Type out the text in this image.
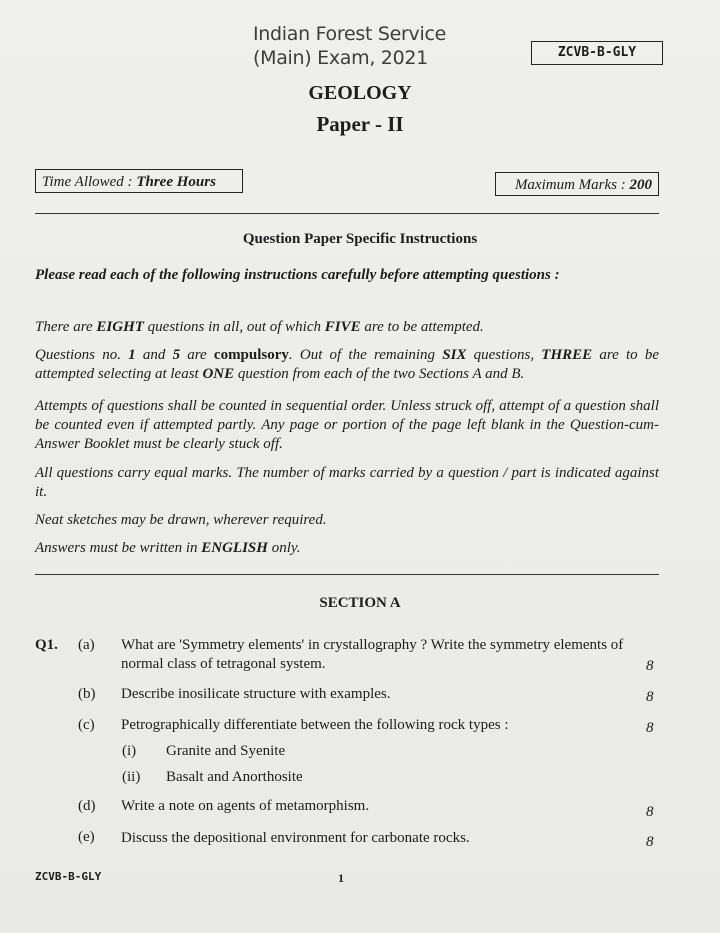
Indian Forest Service
(Main) Exam, 2021	ZCVB-B-GLY
GEOLOGY
Paper - II
Time Allowed : Three Hours	Maximum Marks : 200
Question Paper Specific Instructions
Please read each of the following instructions carefully before attempting questions :
There are EIGHT questions in all, out of which FIVE are to be attempted.
Questions no. 1 and 5 are compulsory. Out of the remaining SIX questions, THREE are to be attempted selecting at least ONE question from each of the two Sections A and B.
Attempts of questions shall be counted in sequential order. Unless struck off, attempt of a question shall be counted even if attempted partly. Any page or portion of the page left blank in the Question-cum-Answer Booklet must be clearly stuck off.
All questions carry equal marks. The number of marks carried by a question / part is indicated against it.
Neat sketches may be drawn, wherever required.
Answers must be written in ENGLISH only.
SECTION A
Q1. (a) What are 'Symmetry elements' in crystallography ? Write the symmetry elements of normal class of tetragonal system.	8
(b) Describe inosilicate structure with examples.	8
(c) Petrographically differentiate between the following rock types :	8
(i) Granite and Syenite
(ii) Basalt and Anorthosite
(d) Write a note on agents of metamorphism.	8
(e) Discuss the depositional environment for carbonate rocks.	8
ZCVB-B-GLY	1
